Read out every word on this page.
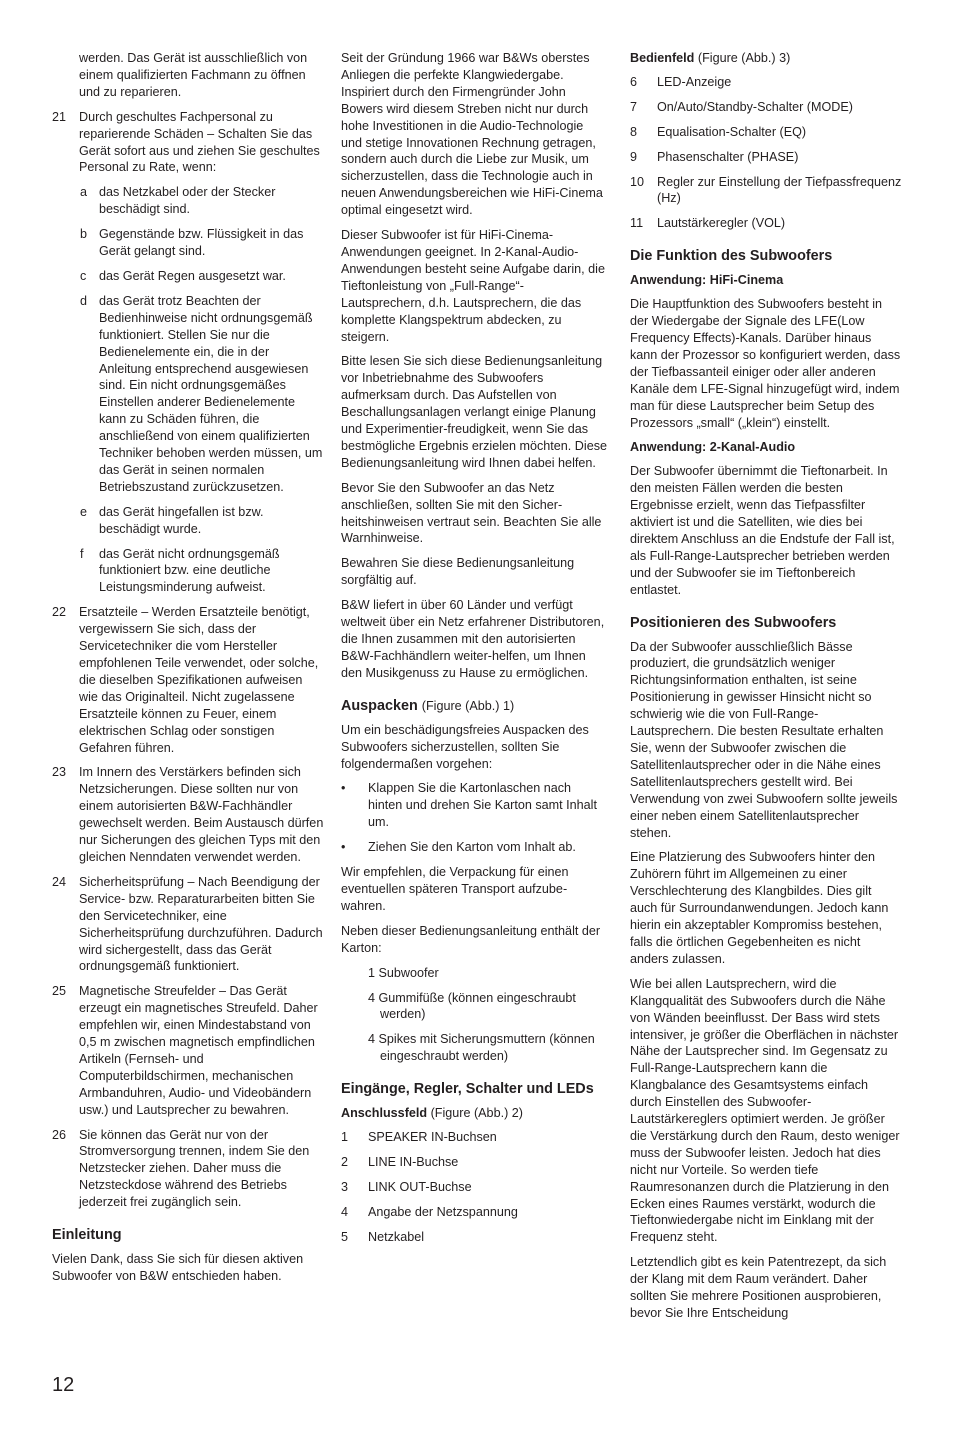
werden. Das Gerät ist ausschließlich von einem qualifizierten Fachmann zu öffnen und zu reparieren.

21 Durch geschultes Fachpersonal zu reparierende Schäden – Schalten Sie das Gerät sofort aus und ziehen Sie geschultes Personal zu Rate, wenn:
a das Netzkabel oder der Stecker beschädigt sind.
b Gegenstände bzw. Flüssigkeit in das Gerät gelangt sind.
c das Gerät Regen ausgesetzt war.
d das Gerät trotz Beachten der Bedienhinweise nicht ordnungsgemäß funktioniert. Stellen Sie nur die Bedienelemente ein, die in der Anleitung entsprechend ausgewiesen sind. Ein nicht ordnungsgemäßes Einstellen anderer Bedienelemente kann zu Schäden führen, die anschließend von einem qualifizierten Techniker behoben werden müssen, um das Gerät in seinen normalen Betriebszustand zurückzusetzen.
e das Gerät hingefallen ist bzw. beschädigt wurde.
f das Gerät nicht ordnungsgemäß funktioniert bzw. eine deutliche Leistungsminderung aufweist.
22 Ersatzteile – Werden Ersatzteile benötigt, vergewissern Sie sich, dass der Servicetechniker die vom Hersteller empfohlenen Teile verwendet, oder solche, die dieselben Spezifikationen aufweisen wie das Originalteil. Nicht zugelassene Ersatzteile können zu Feuer, einem elektrischen Schlag oder sonstigen Gefahren führen.
23 Im Innern des Verstärkers befinden sich Netzsicherungen. Diese sollten nur von einem autorisierten B&W-Fachhändler gewechselt werden. Beim Austausch dürfen nur Sicherungen des gleichen Typs mit den gleichen Nenndaten verwendet werden.
24 Sicherheitsprüfung – Nach Beendigung der Service- bzw. Reparaturarbeiten bitten Sie den Servicetechniker, eine Sicherheitsprüfung durchzuführen. Dadurch wird sichergestellt, dass das Gerät ordnungsgemäß funktioniert.
25 Magnetische Streufelder – Das Gerät erzeugt ein magnetisches Streufeld. Daher empfehlen wir, einen Mindestabstand von 0,5 m zwischen magnetisch empfindlichen Artikeln (Fernseh- und Computerbildschirmen, mechanischen Armbanduhren, Audio- und Videobändern usw.) und Lautsprecher zu bewahren.
26 Sie können das Gerät nur von der Stromversorgung trennen, indem Sie den Netzstecker ziehen. Daher muss die Netzsteckdose während des Betriebs jederzeit frei zugänglich sein.
Einleitung

Vielen Dank, dass Sie sich für diesen aktiven Subwoofer von B&W entschieden haben.

Seit der Gründung 1966 war B&Ws oberstes Anliegen die perfekte Klangwiedergabe. Inspiriert durch den Firmengründer John Bowers wird diesem Streben nicht nur durch hohe Investitionen in die Audio-Technologie und stetige Innovationen Rechnung getragen, sondern auch durch die Liebe zur Musik, um sicherzustellen, dass die Technologie auch in neuen Anwendungsbereichen wie HiFi-Cinema optimal eingesetzt wird.

Dieser Subwoofer ist für HiFi-Cinema-Anwendungen geeignet. In 2-Kanal-Audio-Anwendungen besteht seine Aufgabe darin, die Tieftonleistung von „Full-Range“-Lautsprechern, d.h. Lautsprechern, die das komplette Klangspektrum abdecken, zu steigern.

Bitte lesen Sie sich diese Bedienungsanleitung vor Inbetriebnahme des Subwoofers aufmerksam durch. Das Aufstellen von Beschallungsanlagen verlangt einige Planung und Experimentier-freudigkeit, wenn Sie das bestmögliche Ergebnis erzielen möchten. Diese Bedienungsanleitung wird Ihnen dabei helfen.

Bevor Sie den Subwoofer an das Netz anschließen, sollten Sie mit den Sicher-heitshinweisen vertraut sein. Beachten Sie alle Warnhinweise.

Bewahren Sie diese Bedienungsanleitung sorgfältig auf.

B&W liefert in über 60 Länder und verfügt weltweit über ein Netz erfahrener Distributoren, die Ihnen zusammen mit den autorisierten B&W-Fachhändlern weiter-helfen, um Ihnen den Musikgenuss zu Hause zu ermöglichen.

Auspacken (Figure (Abb.) 1)

Um ein beschädigungsfreies Auspacken des Subwoofers sicherzustellen, sollten Sie folgendermaßen vorgehen:

• Klappen Sie die Kartonlaschen nach hinten und drehen Sie Karton samt Inhalt um.
• Ziehen Sie den Karton vom Inhalt ab.

Wir empfehlen, die Verpackung für einen eventuellen späteren Transport aufzube-wahren.

Neben dieser Bedienungsanleitung enthält der Karton:

1 Subwoofer
4 Gummifüße (können eingeschraubt werden)
4 Spikes mit Sicherungsmuttern (können eingeschraubt werden)
Eingänge, Regler, Schalter und LEDs
Anschlussfeld (Figure (Abb.) 2)
1 SPEAKER IN-Buchsen
2 LINE IN-Buchse
3 LINK OUT-Buchse
4 Angabe der Netzspannung
5 Netzkabel
Bedienfeld (Figure (Abb.) 3)
6 LED-Anzeige
7 On/Auto/Standby-Schalter (MODE)
8 Equalisation-Schalter (EQ)
9 Phasenschalter (PHASE)
10 Regler zur Einstellung der Tiefpassfrequenz (Hz)
11 Lautstärkeregler (VOL)
Die Funktion des Subwoofers
Anwendung: HiFi-Cinema

Die Hauptfunktion des Subwoofers besteht in der Wiedergabe der Signale des LFE(Low Frequency Effects)-Kanals. Darüber hinaus kann der Prozessor so konfiguriert werden, dass der Tiefbassanteil einiger oder aller anderen Kanäle dem LFE-Signal hinzugefügt wird, indem man für diese Lautsprecher beim Setup des Prozessors „small“ („klein“) einstellt.

Anwendung: 2-Kanal-Audio

Der Subwoofer übernimmt die Tieftonarbeit. In den meisten Fällen werden die besten Ergebnisse erzielt, wenn das Tiefpassfilter aktiviert ist und die Satelliten, wie dies bei direktem Anschluss an die Endstufe der Fall ist, als Full-Range-Lautsprecher betrieben werden und der Subwoofer sie im Tieftonbereich entlastet.

Positionieren des Subwoofers

Da der Subwoofer ausschließlich Bässe produziert, die grundsätzlich weniger Richtungsinformation enthalten, ist seine Positionierung in gewisser Hinsicht nicht so schwierig wie die von Full-Range-Lautsprechern. Die besten Resultate erhalten Sie, wenn der Subwoofer zwischen die Satellitenlautsprecher oder in die Nähe eines Satellitenlautsprechers gestellt wird. Bei Verwendung von zwei Subwoofern sollte jeweils einer neben einem Satellitenlautsprecher stehen.

Eine Platzierung des Subwoofers hinter den Zuhörern führt im Allgemeinen zu einer Verschlechterung des Klangbildes. Dies gilt auch für Surroundanwendungen. Jedoch kann hierin ein akzeptabler Kompromiss bestehen, falls die örtlichen Gegebenheiten es nicht anders zulassen.

Wie bei allen Lautsprechern, wird die Klangqualität des Subwoofers durch die Nähe von Wänden beeinflusst. Der Bass wird stets intensiver, je größer die Oberflächen in nächster Nähe der Lautsprecher sind. Im Gegensatz zu Full-Range-Lautsprechern kann die Klangbalance des Gesamtsystems einfach durch Einstellen des Subwoofer-Lautstärkereglers optimiert werden. Je größer die Verstärkung durch den Raum, desto weniger muss der Subwoofer leisten. Jedoch hat dies nicht nur Vorteile. So werden tiefe Raumresonanzen durch die Platzierung in den Ecken eines Raumes verstärkt, wodurch die Tieftonwiedergabe nicht im Einklang mit der Frequenz steht.

Letztendlich gibt es kein Patentrezept, da sich der Klang mit dem Raum verändert. Daher sollten Sie mehrere Positionen ausprobieren, bevor Sie Ihre Entscheidung

12
